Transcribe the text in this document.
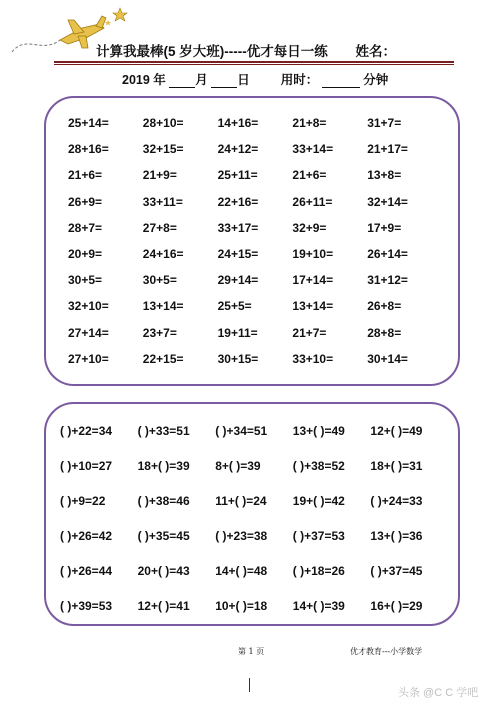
计算我最棒(5 岁大班)-----优才每日一练 姓名：
2019 年 月 日 用时：	分钟
25+14=	28+10=	14+16=	21+8=	31+7=
28+16=	32+15=	24+12=	33+14=	21+17=
21+6=	21+9=	25+11=	21+6=	13+8=
26+9=	33+11=	22+16=	26+11=	32+14=
28+7=	27+8=	33+17=	32+9=	17+9=
20+9=	24+16=	24+15=	19+10=	26+14=
30+5=	30+5=	29+14=	17+14=	31+12=
32+10=	13+14=	25+5=	13+14=	26+8=
27+14=	23+7=	19+11=	21+7=	28+8=
27+10=	22+15=	30+15=	33+10=	30+14=
( )+22=34	( )+33=51	( )+34=51	13+( )=49	12+( )=49
( )+10=27	18+( )=39	8+( )=39	( )+38=52	18+( )=31
( )+9=22	( )+38=46	11+( )=24	19+( )=42	( )+24=33
( )+26=42	( )+35=45	( )+23=38	( )+37=53	13+( )=36
( )+26=44	20+( )=43	14+( )=48	( )+18=26	( )+37=45
( )+39=53	12+( )=41	10+( )=18	14+( )=39	16+( )=29
第 1 页	优才教育---小学数学
头条 @C C 学吧
